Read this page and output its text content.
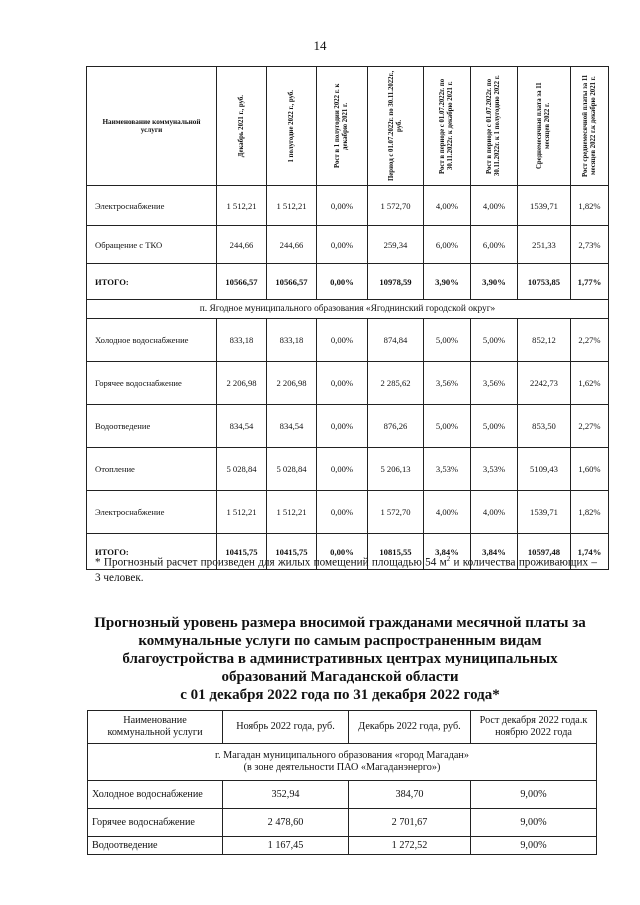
14
Наименование коммунальной услуги	Декабрь 2021 г., руб.	1 полугодие 2022 г., руб.	Рост в 1 полугодии 2022 г. к декабрю 2021 г.	Период с 01.07.2022г. по 30.11.2022г., руб.	Рост в периоде с 01.07.2022г. по 30.11.2022г. к декабрю 2021 г.	Рост в периоде с 01.07.2022г. по 30.11.2022г. к 1 полугодию 2022 г.	Среднемесячная плата за 11 месяцев 2022 г.	Рост среднемесячной платы за 11 месяцев 2022 г.к декабрю 2021 г.

Электроснабжение	1 512,21	1 512,21	0,00%	1 572,70	4,00%	4,00%	1539,71	1,82%
Обращение с ТКО	244,66	244,66	0,00%	259,34	6,00%	6,00%	251,33	2,73%
ИТОГО:	10566,57	10566,57	0,00%	10978,59	3,90%	3,90%	10753,85	1,77%
п. Ягодное муниципального образования «Ягоднинский городской округ»								
Холодное водоснабжение	833,18	833,18	0,00%	874,84	5,00%	5,00%	852,12	2,27%
Горячее водоснабжение	2 206,98	2 206,98	0,00%	2 285,62	3,56%	3,56%	2242,73	1,62%
Водоотведение	834,54	834,54	0,00%	876,26	5,00%	5,00%	853,50	2,27%
Отопление	5 028,84	5 028,84	0,00%	5 206,13	3,53%	3,53%	5109,43	1,60%
Электроснабжение	1 512,21	1 512,21	0,00%	1 572,70	4,00%	4,00%	1539,71	1,82%
ИТОГО:	10415,75	10415,75	0,00%	10815,55	3,84%	3,84%	10597,48	1,74%
* Прогнозный расчет произведен для жилых помещений площадью 54 $м^2$ и количества проживающих – 3 человек.
Прогнозный уровень размера вносимой гражданами месячной платы за
коммунальные услуги по самым распространенным видам
благоустройства в административных центрах муниципальных
образований Магаданской области
с 01 декабря 2022 года по 31 декабря 2022 года*
Наименование коммунальной услуги	Ноябрь 2022 года, руб.	Декабрь 2022 года, руб.	Рост декабря 2022 года.к ноябрю 2022 года

г. Магадан муниципального образования «город Магадан»
(в зоне деятельности ПАО «Магаданэнерго»)			

Холодное водоснабжение	352,94	384,70	9,00%
Горячее водоснабжение	2 478,60	2 701,67	9,00%
Водоотведение	1 167,45	1 272,52	9,00%
